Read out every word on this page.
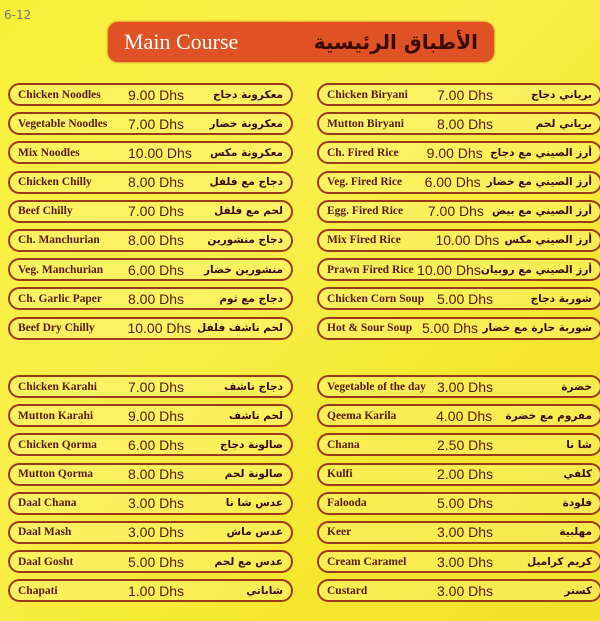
6-12
Main Course	الأطباق الرئيسية
Chicken Noodles	9.00 Dhs	معكرونة دجاج
Vegetable Noodles	7.00 Dhs	معكرونة خضار
Mix Noodles	10.00 Dhs	معكرونة مكس
Chicken Chilly	8.00 Dhs	دجاج مع فلفل
Beef Chilly	7.00 Dhs	لحم مع فلفل
Ch. Manchurian	8.00 Dhs	دجاج منشورين
Veg. Manchurian	6.00 Dhs	منشورين خضار
Ch. Garlic Paper	8.00 Dhs	دجاج مع ثوم
Beef Dry Chilly	10.00 Dhs لحم ناشف فلفل
Chicken Biryani	7.00 Dhs	برياني دجاج
Mutton Biryani	8.00 Dhs	برياني لحم
Ch. Fired Rice	9.00 Dhs أرز الصيني مع دجاج
Veg. Fired Rice	6.00 Dhs أرز الصيني مع خضار
Egg. Fired Rice	7.00 Dhs أرز الصيني مع بيض
Mix Fired Rice	10.00 Dhs أرز الصيني مكس
Prawn Fired Rice 10.00 Dhs أرز الصيني مع روبيان
Chicken Corn Soup 5.00 Dhs	شوربة دجاج
Hot & Sour Soup 5.00 Dhs شوربة حارة مع خضار
Chicken Karahi	7.00 Dhs	دجاج ناشف
Mutton Karahi	9.00 Dhs	لحم ناشف
Chicken Qorma	6.00 Dhs	صالونة دجاج
Mutton Qorma	8.00 Dhs	صالونة لحم
Daal Chana	3.00 Dhs	عدس شا نا
Daal Mash	3.00 Dhs	عدس ماش
Daal Gosht	5.00 Dhs	عدس مع لحم
Chapati	1.00 Dhs	شاباتي
Vegetable of the day 3.00 Dhs	خضرة
Qeema Karila	4.00 Dhs	مفروم مع خضرة
Chana	2.50 Dhs	شا نا
Kulfi	2.00 Dhs	كلفي
Falooda	5.00 Dhs	فلودة
Keer	3.00 Dhs	مهلبية
Cream Caramel	3.00 Dhs	كريم كراميل
Custard	3.00 Dhs	كستر
